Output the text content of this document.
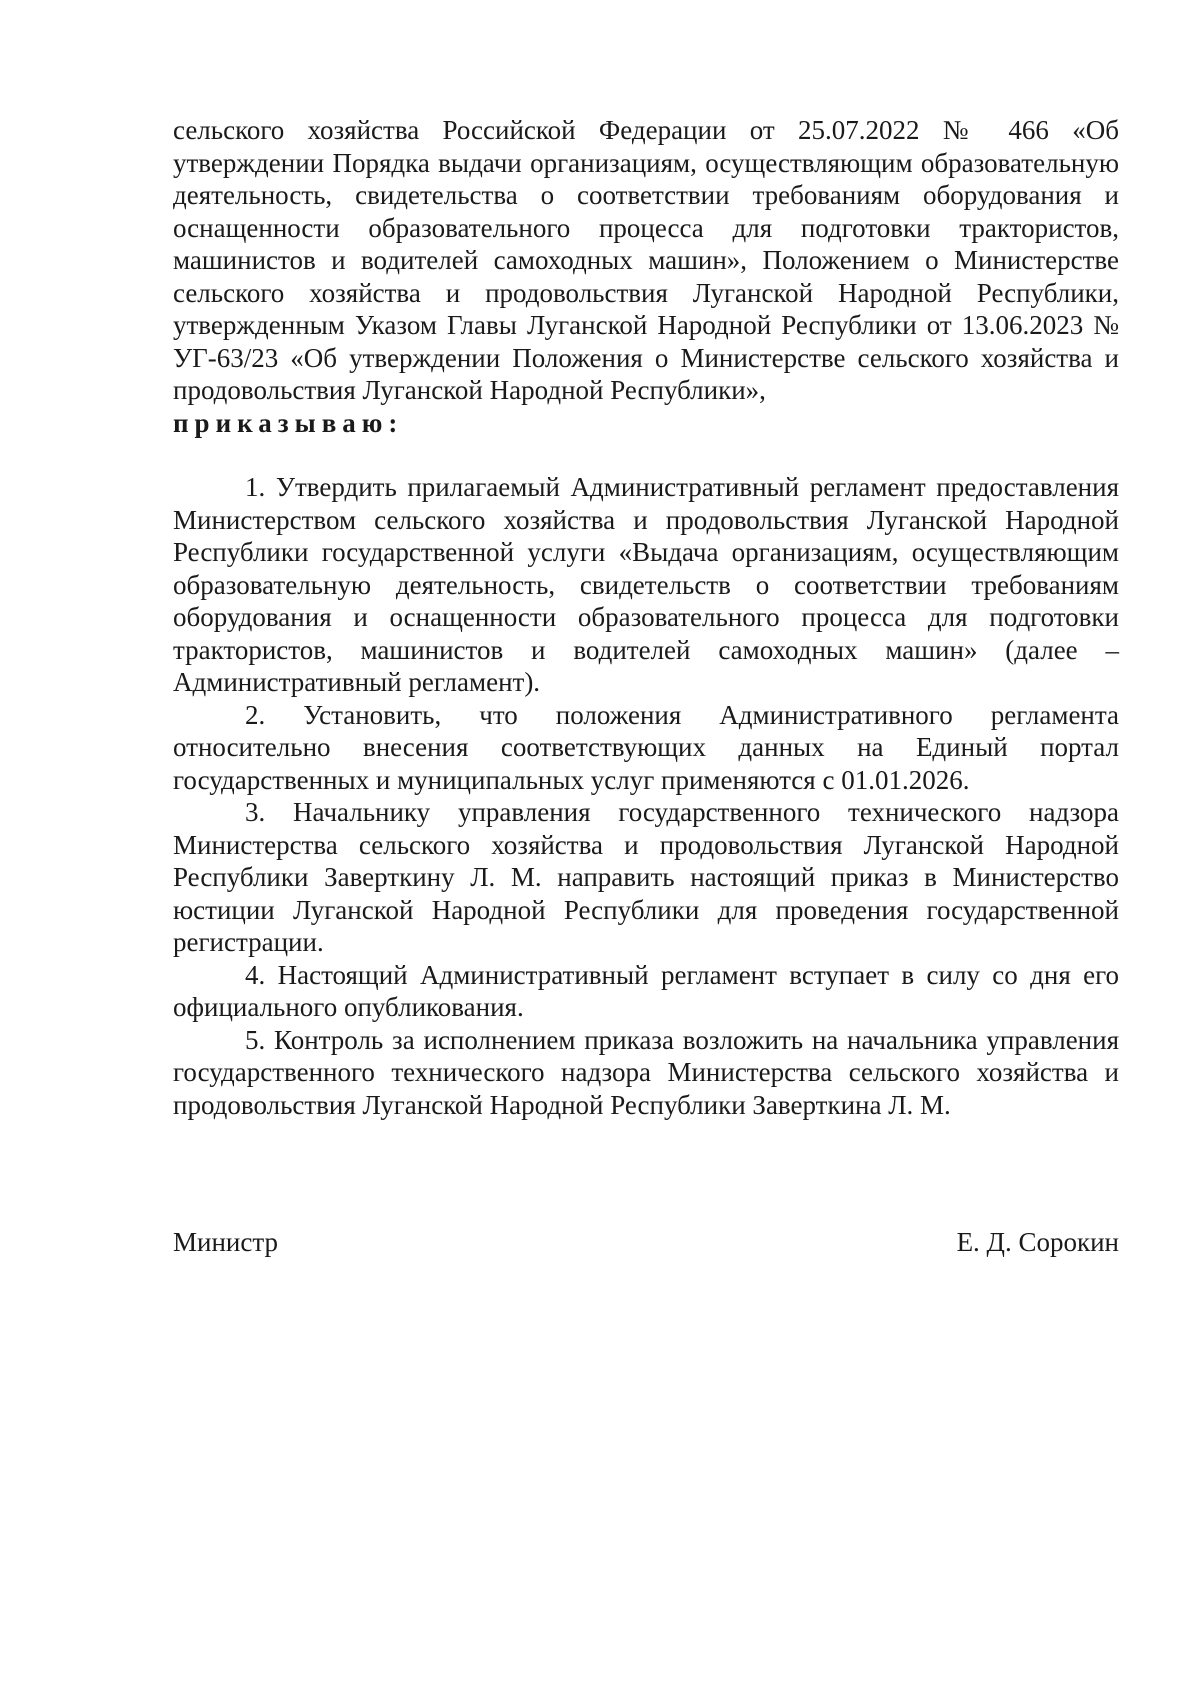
сельского хозяйства Российской Федерации от 25.07.2022 № 466 «Об утверждении Порядка выдачи организациям, осуществляющим образовательную деятельность, свидетельства о соответствии требованиям оборудования и оснащенности образовательного процесса для подготовки трактористов, машинистов и водителей самоходных машин», Положением о Министерстве сельского хозяйства и продовольствия Луганской Народной Республики, утвержденным Указом Главы Луганской Народной Республики от 13.06.2023 № УГ-63/23 «Об утверждении Положения о Министерстве сельского хозяйства и продовольствия Луганской Народной Республики»,

приказываю:

1. Утвердить прилагаемый Административный регламент предоставления Министерством сельского хозяйства и продовольствия Луганской Народной Республики государственной услуги «Выдача организациям, осуществляющим образовательную деятельность, свидетельств о соответствии требованиям оборудования и оснащенности образовательного процесса для подготовки трактористов, машинистов и водителей самоходных машин» (далее – Административный регламент).

2. Установить, что положения Административного регламента относительно внесения соответствующих данных на Единый портал государственных и муниципальных услуг применяются с 01.01.2026.

3. Начальнику управления государственного технического надзора Министерства сельского хозяйства и продовольствия Луганской Народной Республики Заверткину Л. М. направить настоящий приказ в Министерство юстиции Луганской Народной Республики для проведения государственной регистрации.

4. Настоящий Административный регламент вступает в силу со дня его официального опубликования.

5. Контроль за исполнением приказа возложить на начальника управления государственного технического надзора Министерства сельского хозяйства и продовольствия Луганской Народной Республики Заверткина Л. М.

Министр	Е. Д. Сорокин
